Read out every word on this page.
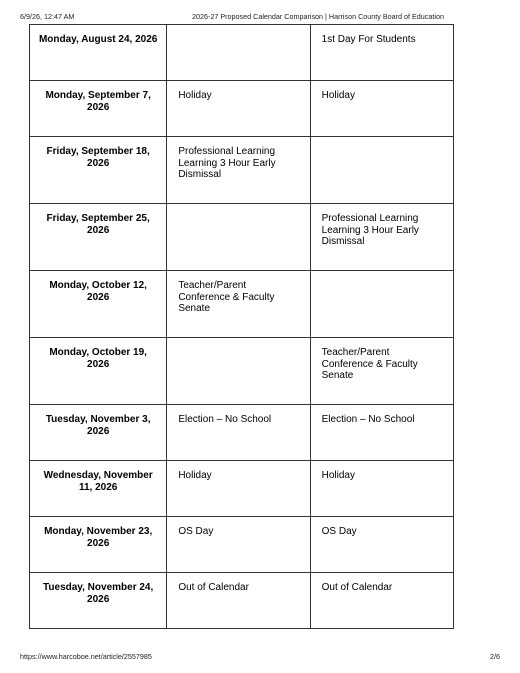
6/9/26, 12:47 AM	2026-27 Proposed Calendar Comparison | Harrison County Board of Education
Monday, August 24, 2026		1st Day For Students
Monday, September 7, 2026	Holiday	Holiday
Friday, September 18, 2026	Professional Learning Learning 3 Hour Early Dismissal	
Friday, September 25, 2026		Professional Learning Learning 3 Hour Early Dismissal
Monday, October 12, 2026	Teacher/Parent Conference & Faculty Senate	
Monday, October 19, 2026		Teacher/Parent Conference & Faculty Senate
Tuesday, November 3, 2026	Election – No School	Election – No School
Wednesday, November 11, 2026	Holiday	Holiday
Monday, November 23, 2026	OS Day	OS Day
Tuesday, November 24, 2026	Out of Calendar	Out of Calendar
https://www.harcoboe.net/article/2557985	2/6
